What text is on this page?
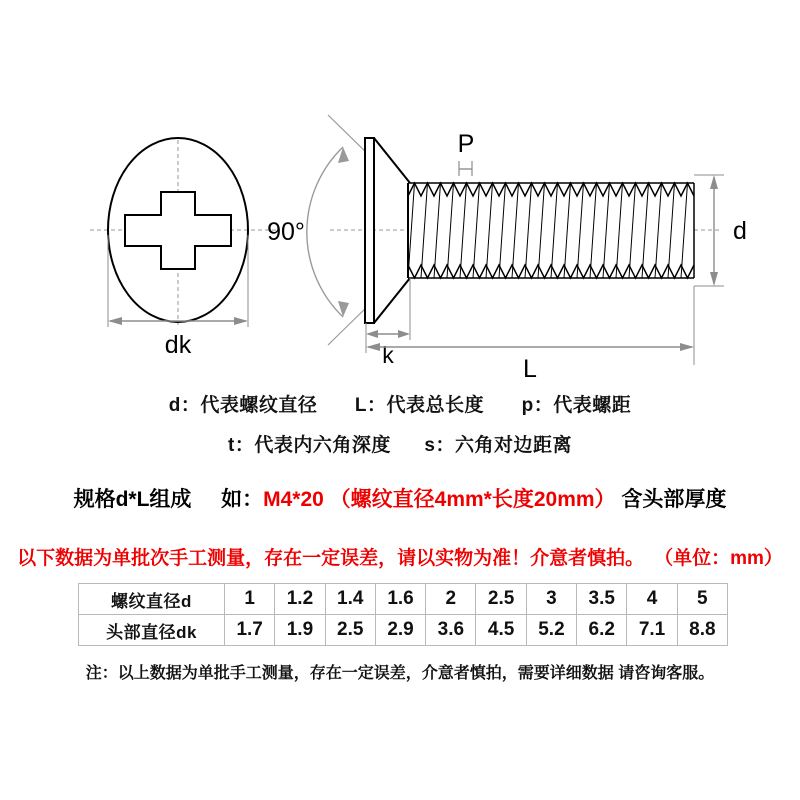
dk
90°
P
d
k	L
d：代表螺纹直径 L：代表总长度 p：代表螺距
t：代表内六角深度 s：六角对边距离
规格d*L组成 如：M4*20 （螺纹直径4mm*长度20mm） 含头部厚度
以下数据为单批次手工测量，存在一定误差，请以实物为准！介意者慎拍。 （单位：mm）
螺纹直径d	1	1.2	1.4	1.6	2	2.5	3	3.5	4	5
头部直径dk	1.7	1.9	2.5	2.9	3.6	4.5	5.2	6.2	7.1	8.8
注：以上数据为单批手工测量，存在一定误差，介意者慎拍，需要详细数据 请咨询客服。
